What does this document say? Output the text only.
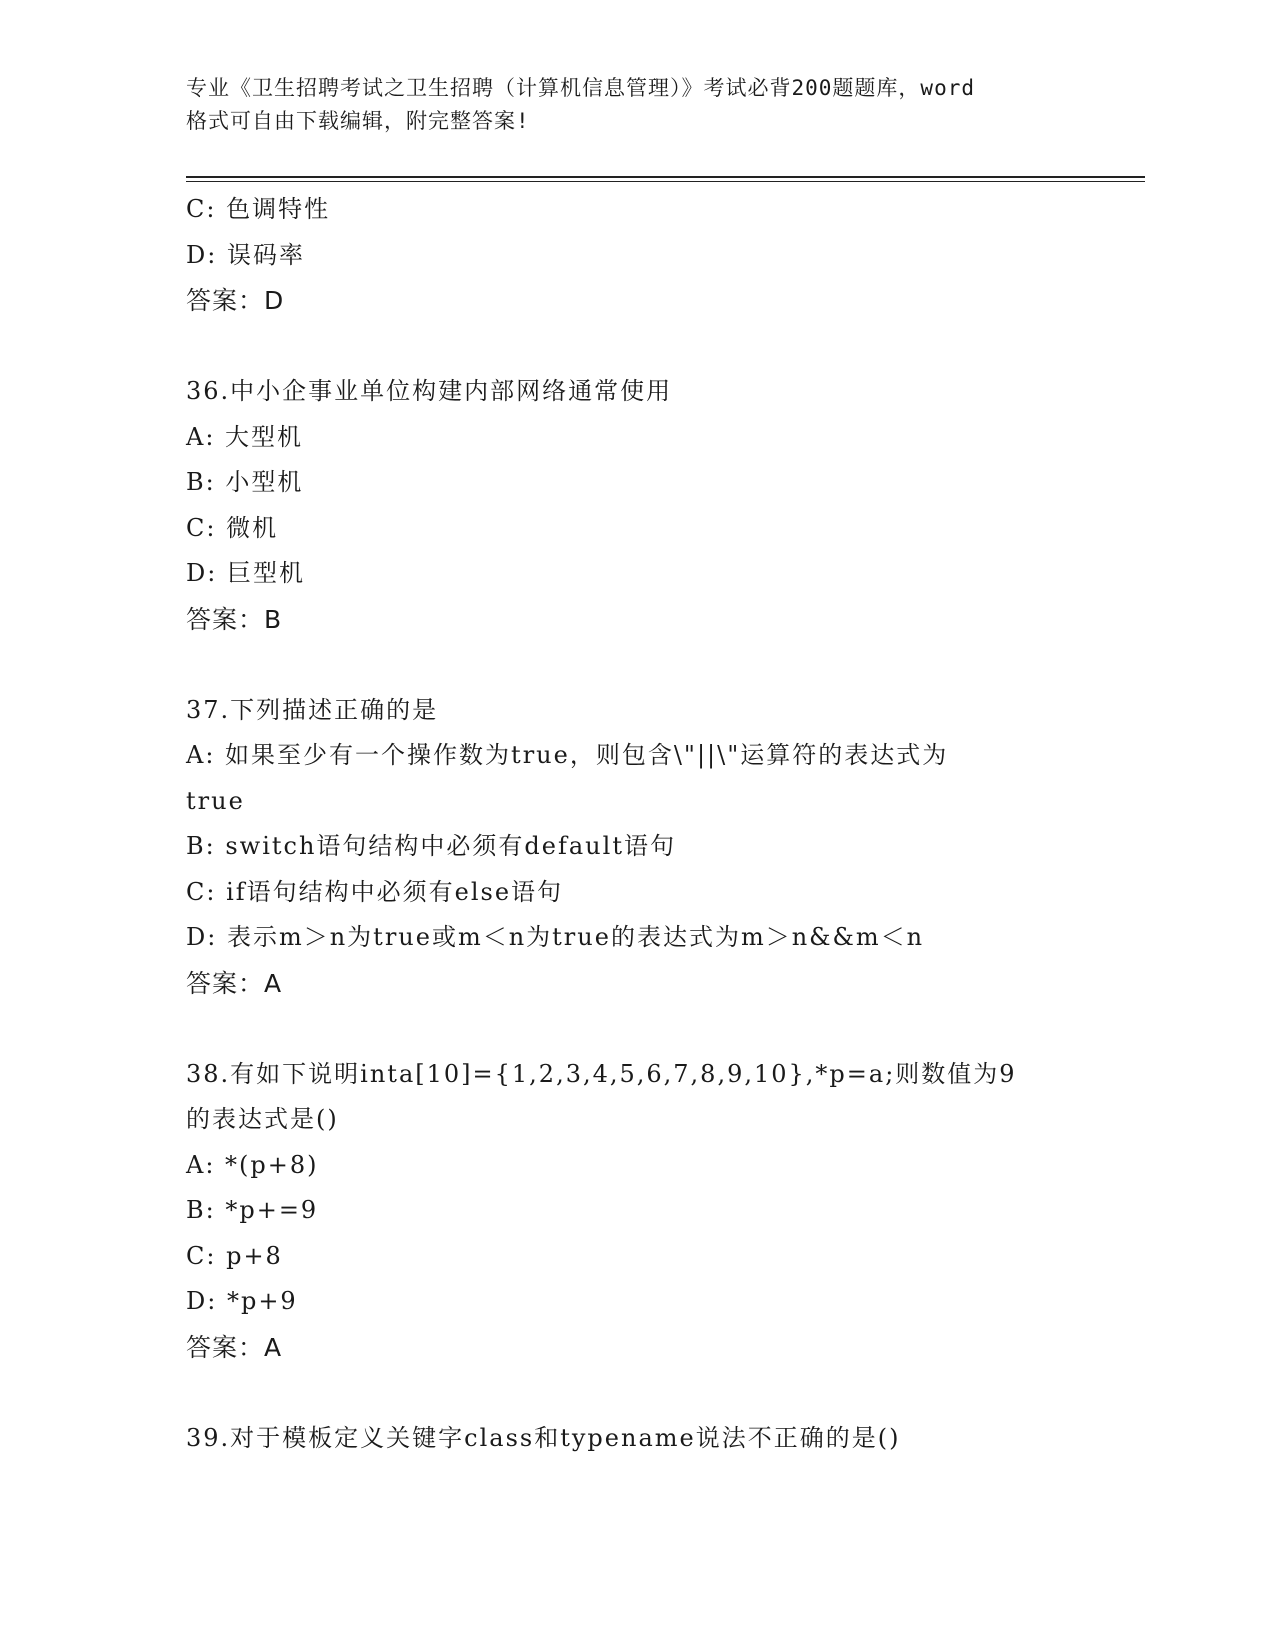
专业《卫生招聘考试之卫生招聘（计算机信息管理）》考试必背200题题库，word
格式可自由下载编辑，附完整答案!
C: 色调特性
D: 误码率
答案：D
36.中小企事业单位构建内部网络通常使用
A: 大型机
B: 小型机
C: 微机
D: 巨型机
答案：B
37.下列描述正确的是
A: 如果至少有一个操作数为true，则包含\"||\"运算符的表达式为
true
B: switch语句结构中必须有default语句
C: if语句结构中必须有else语句
D: 表示m＞n为true或m＜n为true的表达式为m＞n&&m＜n
答案：A
38.有如下说明inta[10]={1,2,3,4,5,6,7,8,9,10},*p=a;则数值为9
的表达式是()
A: *(p+8)
B: *p+=9
C: p+8
D: *p+9
答案：A
39.对于模板定义关键字class和typename说法不正确的是()
